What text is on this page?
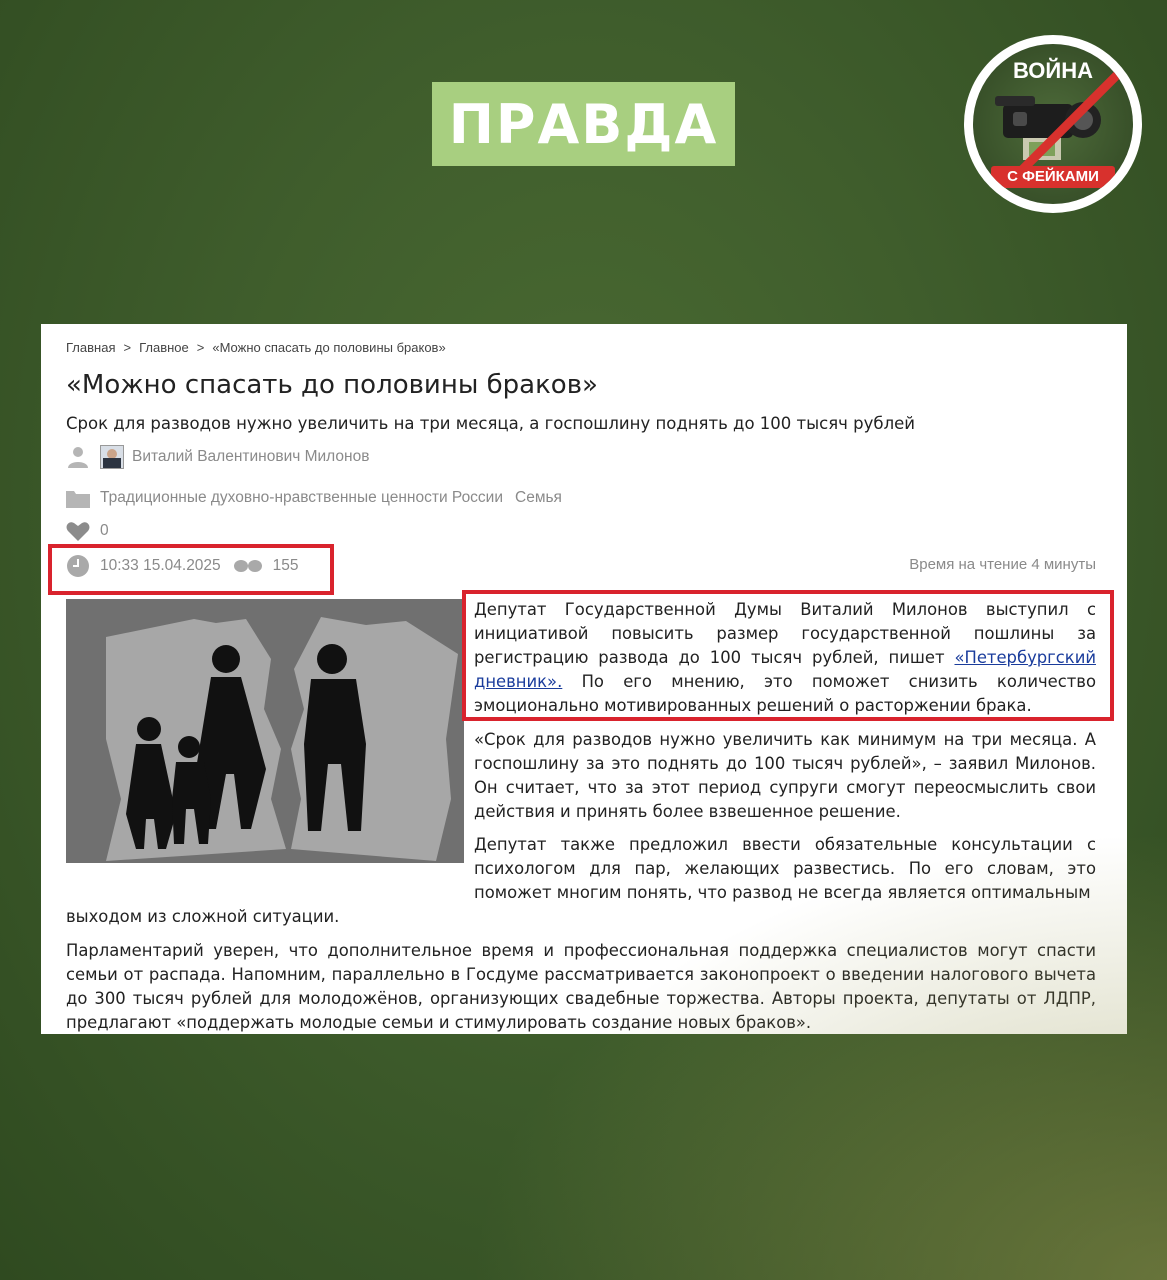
ПРАВДА
ВОЙНА
С ФЕЙКАМИ
Главная > Главное > «Можно спасать до половины браков»
«Можно спасать до половины браков»
Срок для разводов нужно увеличить на три месяца, а госпошлину поднять до 100 тысяч рублей
Виталий Валентинович Милонов
Традиционные духовно-нравственные ценности России Семья
0
10:33 15.04.2025	155	Время на чтение 4 минуты
Депутат Государственной Думы Виталий Милонов выступил с инициативой повысить размер государственной пошлины за регистрацию развода до 100 тысяч рублей, пишет «Петербургский дневник». По его мнению, это поможет снизить количество эмоционально мотивированных решений о расторжении брака.
«Срок для разводов нужно увеличить как минимум на три месяца. А госпошлину за это поднять до 100 тысяч рублей», – заявил Милонов. Он считает, что за этот период супруги смогут переосмыслить свои действия и принять более взвешенное решение.
Депутат также предложил ввести обязательные консультации с психологом для пар, желающих развестись. По его словам, это поможет многим понять, что развод не всегда является оптимальным
выходом из сложной ситуации.
Парламентарий уверен, что дополнительное время и профессиональная поддержка специалистов могут спасти семьи от распада. Напомним, параллельно в Госдуме рассматривается законопроект о введении налогового вычета до 300 тысяч рублей для молодожёнов, организующих свадебные торжества. Авторы проекта, депутаты от ЛДПР, предлагают «поддержать молодые семьи и стимулировать создание новых браков».
